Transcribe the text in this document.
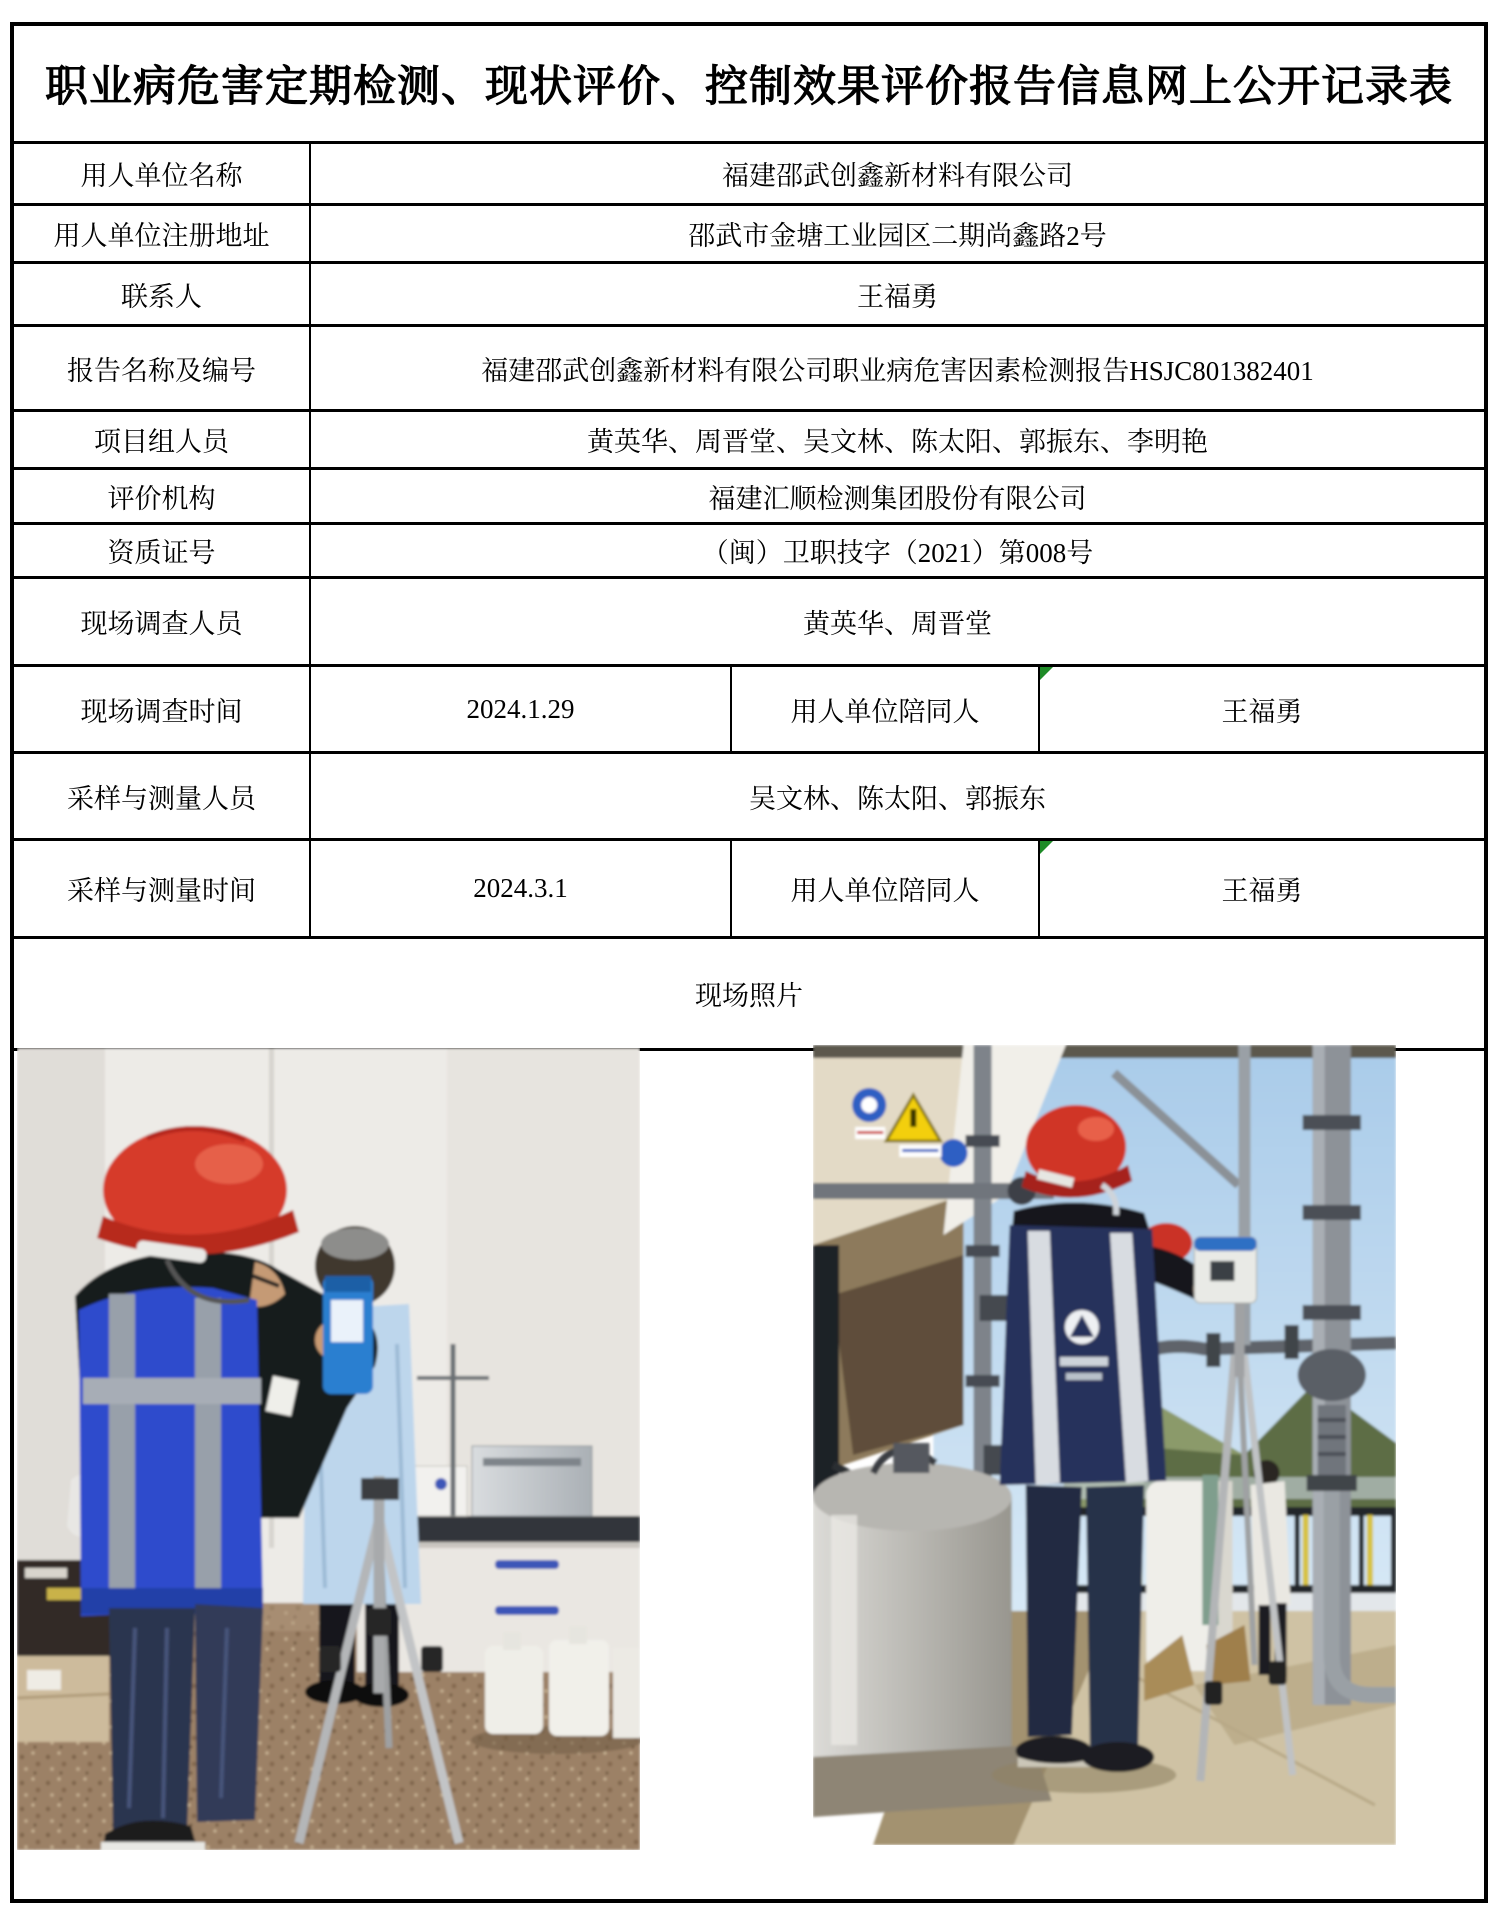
职业病危害定期检测、现状评价、控制效果评价报告信息网上公开记录表
用人单位名称	福建邵武创鑫新材料有限公司
用人单位注册地址	邵武市金塘工业园区二期尚鑫路2号
联系人	王福勇
报告名称及编号	福建邵武创鑫新材料有限公司职业病危害因素检测报告HSJC801382401
项目组人员	黄英华、周晋堂、吴文林、陈太阳、郭振东、李明艳
评价机构	福建汇顺检测集团股份有限公司
资质证号	（闽）卫职技字（2021）第008号
现场调查人员	黄英华、周晋堂
现场调查时间	2024.1.29	用人单位陪同人	王福勇
采样与测量人员	吴文林、陈太阳、郭振东
采样与测量时间	2024.3.1	用人单位陪同人	王福勇
现场照片
